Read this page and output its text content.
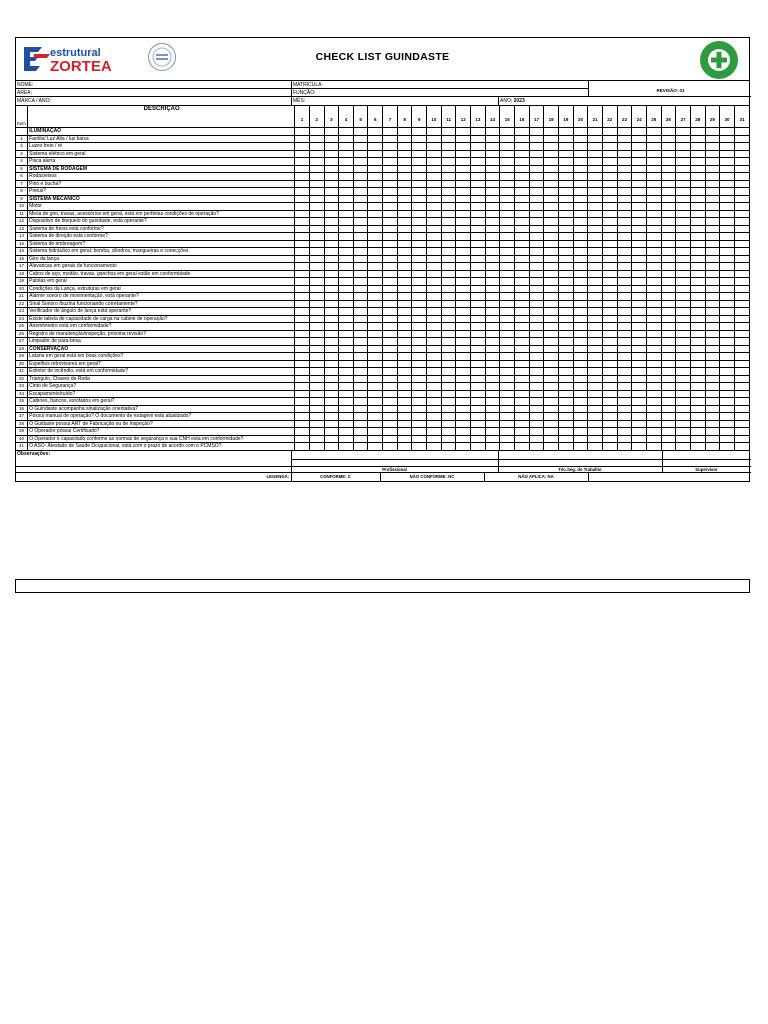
estrutural
ZORTEA
CHECK LIST GUINDASTE
NOME:
ÁREA:
MARCA / ANO:
MATRICULA:
FUNÇÃO:
MÊS:	ANO: 2023
REVISÃO: 01
Item	DESCRIÇÃO	1	2	3	4	5	6	7	8	9	10	11	12	13	14	15	16	17	18	19	20	21	22	23	24	25	26	27	28	29	30	31
	ILUMINAÇÃO																															
1	Farólis/ Luz Alta / luz baixa																															
2	Luzes freio / ré																															
3	Sistema elétrico em geral																															
4	Pisca alerta																															
5	SISTEMA DE RODAGEM																															
6	Rodas/eixos																															
7	Pino e bucha?																															
8	Pneus?																															
9	SISTEMA MECÂNICO																															
10	Motor																															
11	Mesa de giro, travas, acessórios em geral, está em perfeitas condições de operação?																															
12	Dispositivo de bloqueio do guindaste, está operante?																															
13	Sistema de freios está conforme?																															
14	Sistema de direção está conforme?																															
15	Sistema de embreagem?																															
16	Sistema hidráulico em geral; bomba, cilindros, mangueiras e conecções																															
16	Giro da lança																															
17	Alavancas em gerais de funcionamento																															
18	Cabos de aço, moitão, travas, ganchos em geral estão em conformidade																															
19	Patolas em geral																															
20	Condições da Lança, estruturas em geral																															
21	Alarme sonoro de movimentação, está operante?																															
22	Sinal Sonoro /buzina funcionando corretamente?																															
23	Verificador de ângulo de lança está operante?																															
24	Existe tabela de capacidade de carga na cabine de operação?																															
25	Anemômetro está em conformidade?																															
26	Registro de manutenção/inspeção, próxima revisão?																															
27	Limpador de pára-brisa																															
28	CONSERVAÇÃO																															
29	Lataria em geral está em boas condições?																															
30	Espelhos retrovisores em geral?																															
31	Extintor de incêndio, está em conformidade?																															
32	Triangulo, Chaves de Roda																															
33	Cinto de Segurança?																															
34	Escapamento/ruído?																															
35	Cabines, bancos, estofados em geral?																															
36	O Guindaste acompanha sinalização orientativa?																															
37	Possui manual de operação? O documento de rodagem está atualizado?																															
38	O Guidaste possui ART de Fabricação ou de Inspeção?																															
39	O Operador possui Certificado?																															
40	O Operador é capacitado conforme as normas de segurança e sua CNH esta em conformidade?																															
41	O ASO- Atestado de Saúde Ocupacional, está com o prazo de acordo com o PCMSO?																															
Observações:
Profissional	Téc.Seg. do Trabalho	Supervisor
LEGENDA:	CONFORME: C	NÃO CONFORME: NC	NÃO APLICA: NA
